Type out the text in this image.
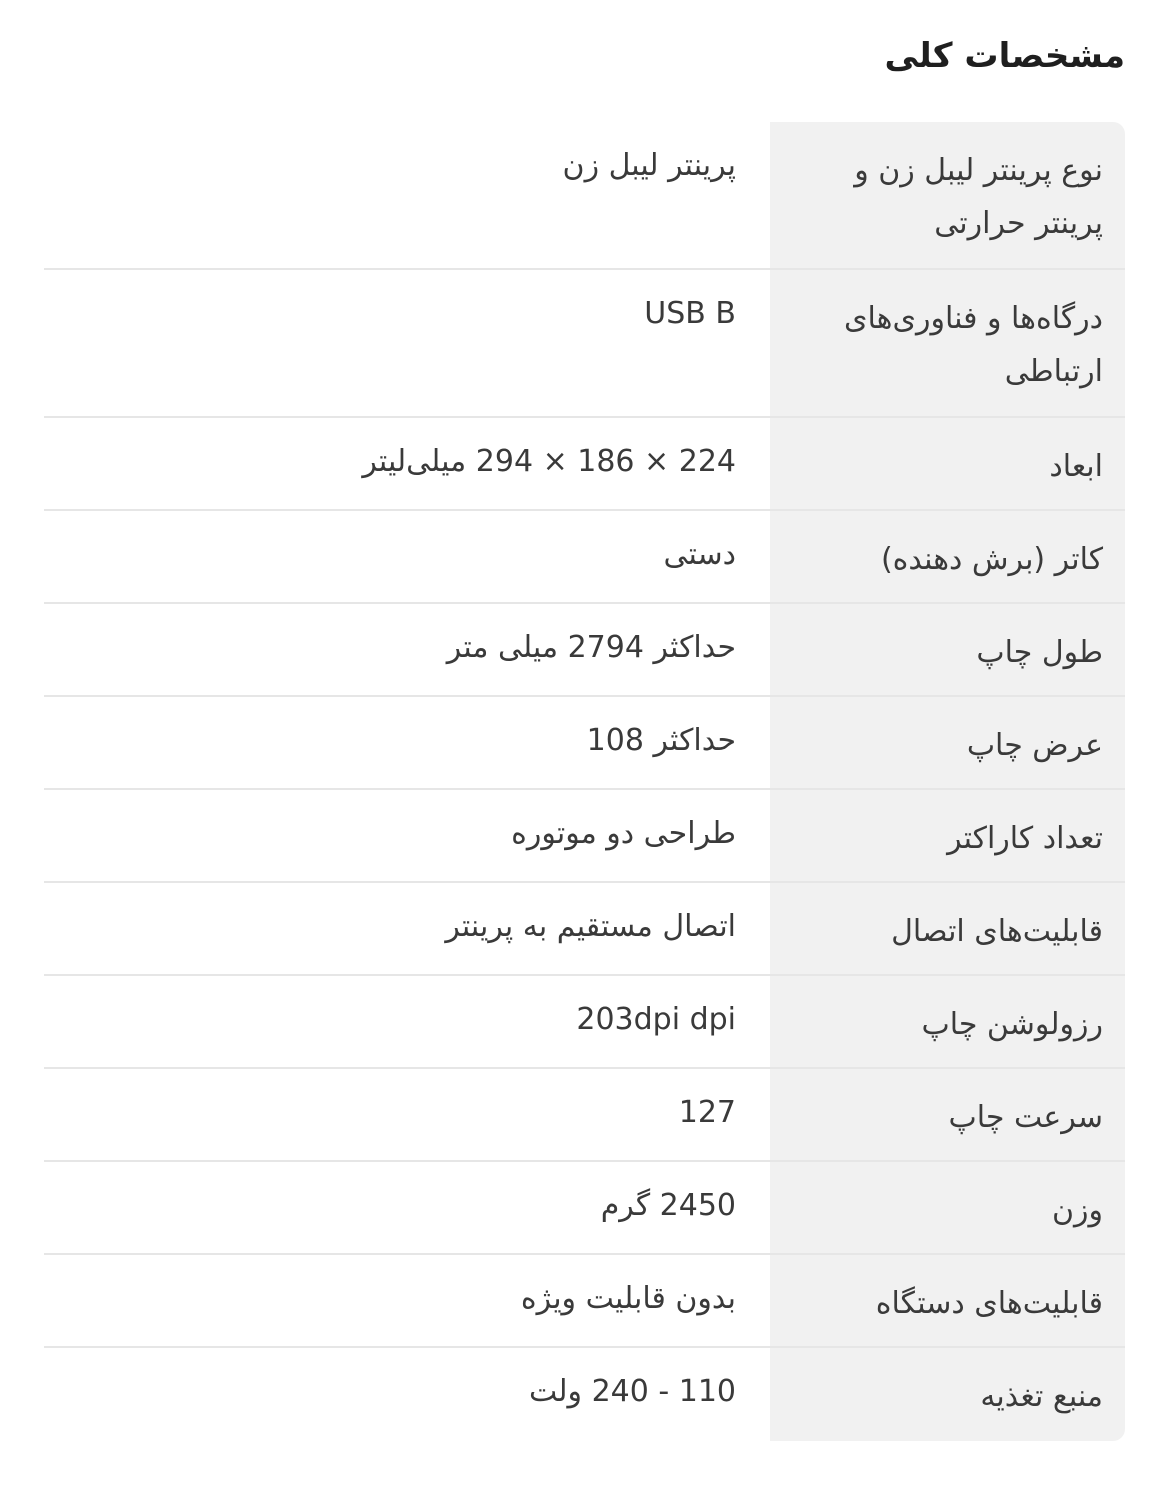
مشخصات کلی
نوع پرینتر لیبل زن و پرینتر حرارتی
پرینتر لیبل زن
درگاه‌ها و فناوری‌های ارتباطی
USB B
ابعاد
224 × 186 × 294 میلی‌لیتر
کاتر (برش دهنده)
دستی
طول چاپ
حداکثر 2794 میلی متر
عرض چاپ
حداکثر 108
تعداد کاراکتر
طراحی دو موتوره
قابلیت‌های اتصال
اتصال مستقیم به پرینتر
رزولوشن چاپ
203dpi dpi
سرعت چاپ
127
وزن
2450 گرم
قابلیت‌های دستگاه
بدون قابلیت ویژه
منبع تغذیه
110 - 240 ولت
